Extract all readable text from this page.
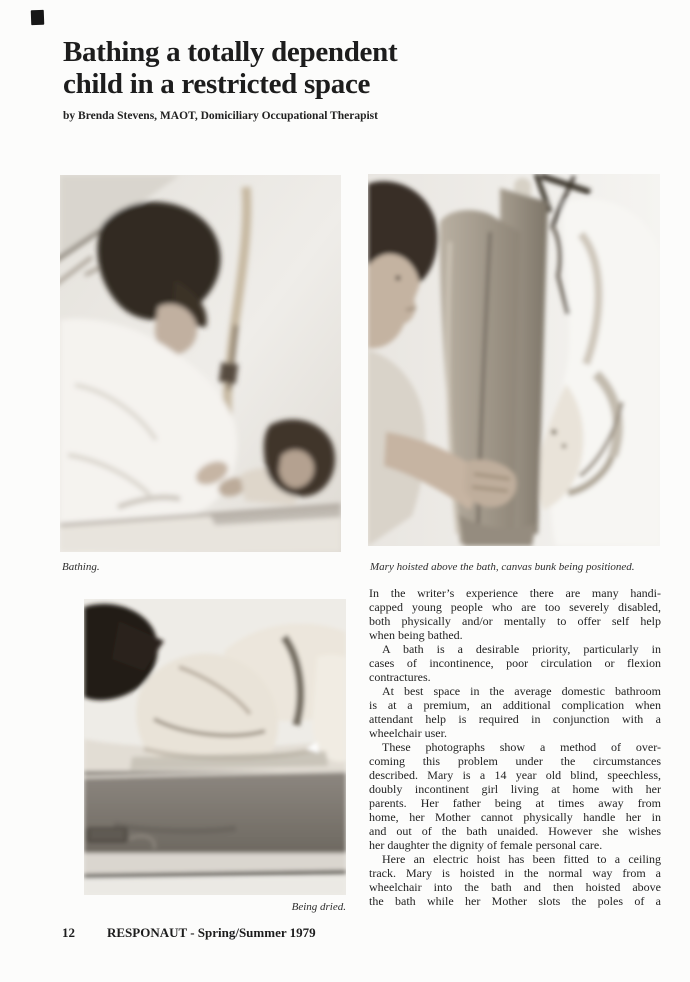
Bathing a totally dependent
child in a restricted space
by Brenda Stevens, MAOT, Domiciliary Occupational Therapist
Bathing.	Mary hoisted above the bath, canvas bunk being positioned.
Being dried.
In the writer’s experience there are many handi-
capped young people who are too severely disabled,
both physically and/or mentally to offer self help
when being bathed.
A bath is a desirable priority, particularly in
cases of incontinence, poor circulation or flexion
contractures.
At best space in the average domestic bathroom
is at a premium, an additional complication when
attendant help is required in conjunction with a
wheelchair user.
These photographs show a method of over-
coming this problem under the circumstances
described. Mary is a 14 year old blind, speechless,
doubly incontinent girl living at home with her
parents. Her father being at times away from
home, her Mother cannot physically handle her in
and out of the bath unaided. However she wishes
her daughter the dignity of female personal care.
Here an electric hoist has been fitted to a ceiling
track. Mary is hoisted in the normal way from a
wheelchair into the bath and then hoisted above
the bath while her Mother slots the poles of a
12 RESPONAUT - Spring/Summer 1979
